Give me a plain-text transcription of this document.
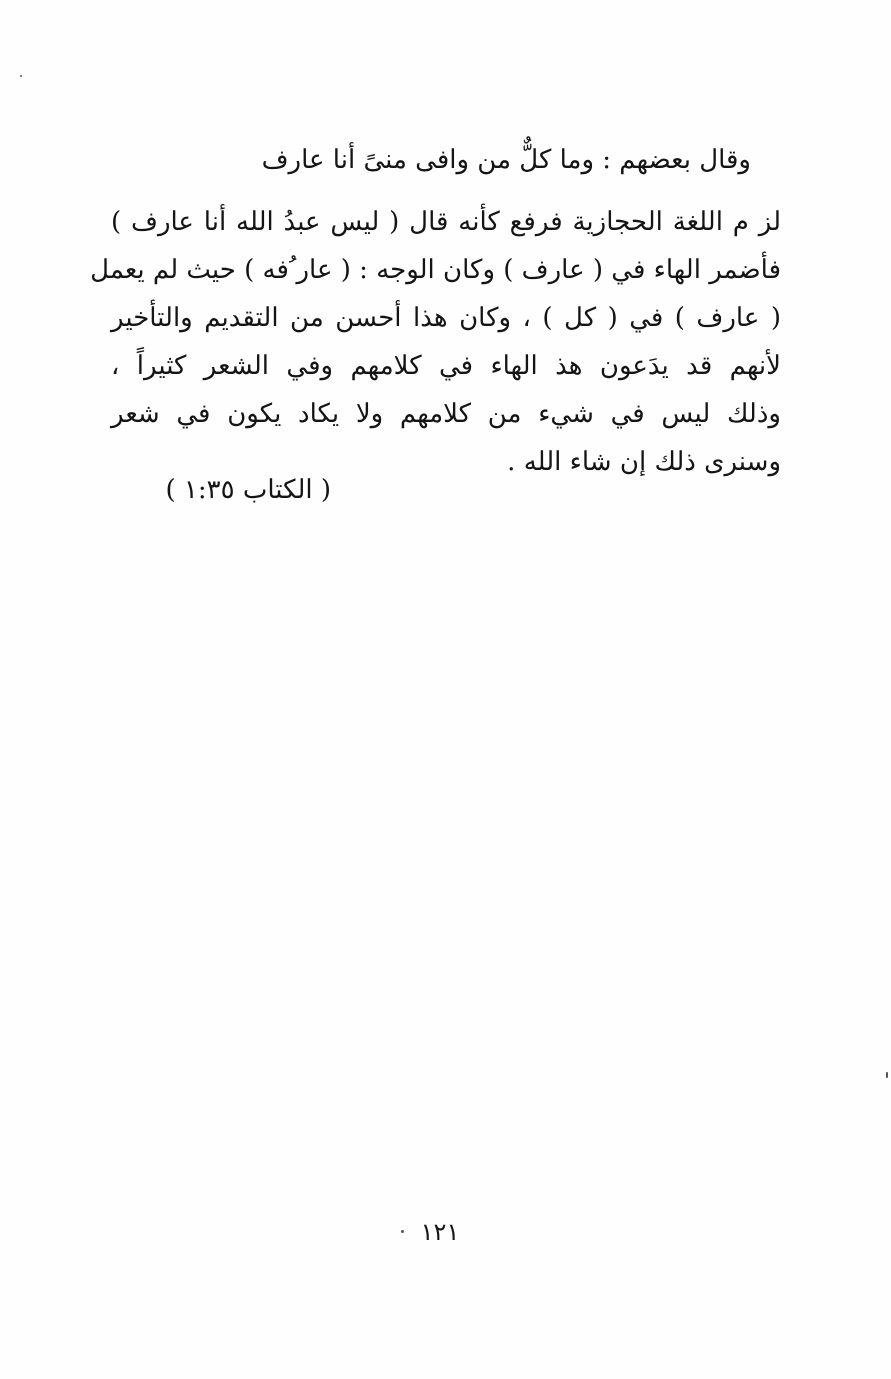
وقال بعضهم : وما كلٌّ من وافى منىً أنا عارف
لز م اللغة الحجازية فرفع كأنه قال ( ليس عبدُ الله أنا عارف )
فأضمر الهاء في ( عارف ) وكان الوجه : ( عار ُفه ) حيث لم يعمل
( عارف ) في ( كل ) ، وكان هذا أحسن من التقديم والتأخير
لأنهم قد يدَعون هذ الهاء في كلامهم وفي الشعر كثيراً ،
وذلك ليس في شيء من كلامهم ولا يكاد يكون في شعر
وسنرى ذلك إن شاء الله .
( الكتاب ١:٣٥ )
١٢١
